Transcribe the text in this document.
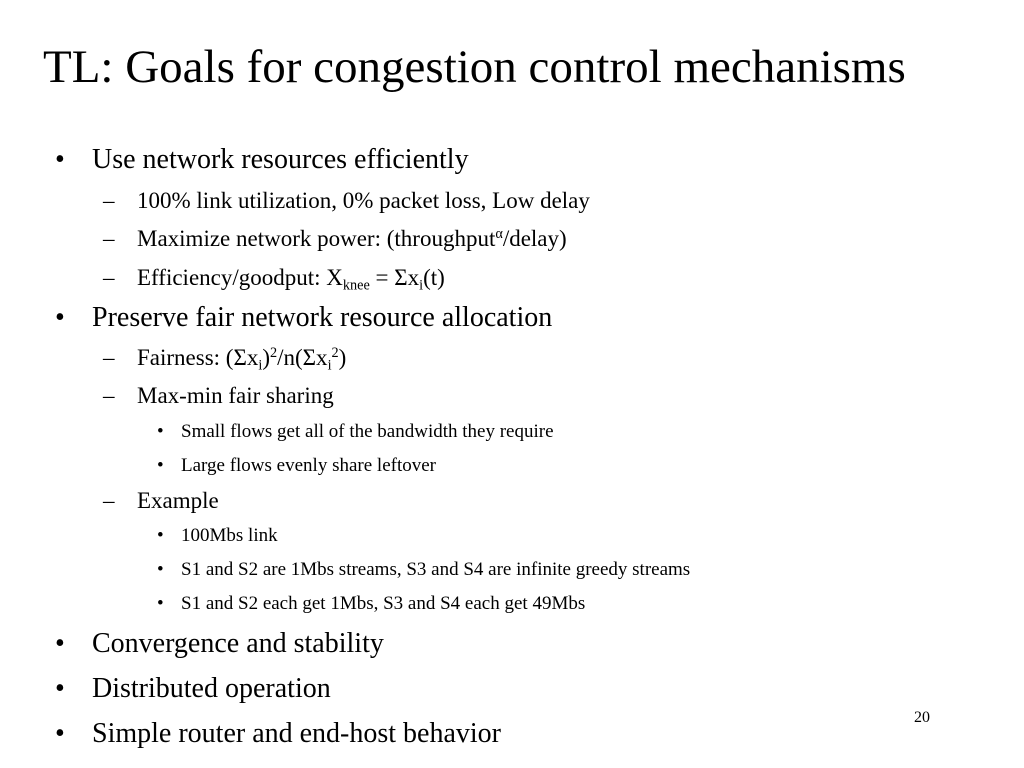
TL: Goals for congestion control mechanisms
• Use network resources efficiently
– 100% link utilization, 0% packet loss, Low delay
– Maximize network power: (throughput$^\alpha$/delay)
– Efficiency/goodput: $X_{knee} = \Sigma x_i(t)$
• Preserve fair network resource allocation
– Fairness: $(\Sigma x_i)^2/n(\Sigma x_i^2)$
– Max-min fair sharing
• Small flows get all of the bandwidth they require
• Large flows evenly share leftover
– Example
• 100Mbs link
• S1 and S2 are 1Mbs streams, S3 and S4 are infinite greedy streams
• S1 and S2 each get 1Mbs, S3 and S4 each get 49Mbs
• Convergence and stability
• Distributed operation
• Simple router and end-host behavior
20
